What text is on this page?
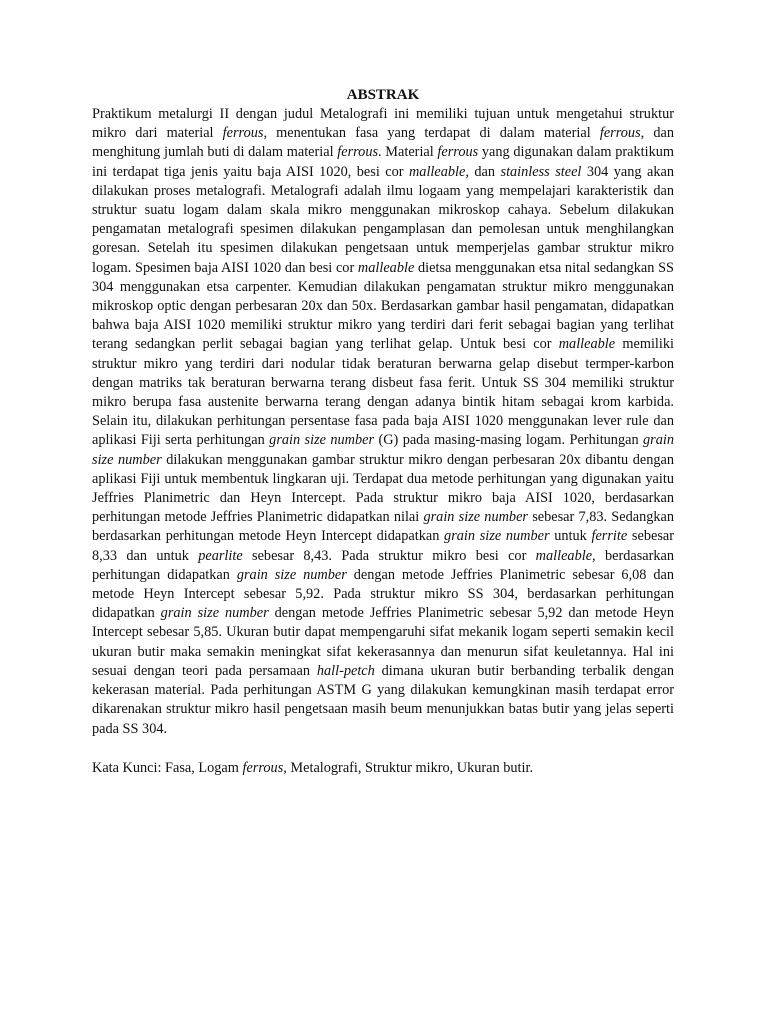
ABSTRAK

Praktikum metalurgi II dengan judul Metalografi ini memiliki tujuan untuk mengetahui struktur mikro dari material ferrous, menentukan fasa yang terdapat di dalam material ferrous, dan menghitung jumlah buti di dalam material ferrous. Material ferrous yang digunakan dalam praktikum ini terdapat tiga jenis yaitu baja AISI 1020, besi cor malleable, dan stainless steel 304 yang akan dilakukan proses metalografi. Metalografi adalah ilmu logaam yang mempelajari karakteristik dan struktur suatu logam dalam skala mikro menggunakan mikroskop cahaya. Sebelum dilakukan pengamatan metalografi spesimen dilakukan pengamplasan dan pemolesan untuk menghilangkan goresan. Setelah itu spesimen dilakukan pengetsaan untuk memperjelas gambar struktur mikro logam. Spesimen baja AISI 1020 dan besi cor malleable dietsa menggunakan etsa nital sedangkan SS 304 menggunakan etsa carpenter. Kemudian dilakukan pengamatan struktur mikro menggunakan mikroskop optic dengan perbesaran 20x dan 50x. Berdasarkan gambar hasil pengamatan, didapatkan bahwa baja AISI 1020 memiliki struktur mikro yang terdiri dari ferit sebagai bagian yang terlihat terang sedangkan perlit sebagai bagian yang terlihat gelap. Untuk besi cor malleable memiliki struktur mikro yang terdiri dari nodular tidak beraturan berwarna gelap disebut termper-karbon dengan matriks tak beraturan berwarna terang disbeut fasa ferit. Untuk SS 304 memiliki struktur mikro berupa fasa austenite berwarna terang dengan adanya bintik hitam sebagai krom karbida. Selain itu, dilakukan perhitungan persentase fasa pada baja AISI 1020 menggunakan lever rule dan aplikasi Fiji serta perhitungan grain size number (G) pada masing-masing logam. Perhitungan grain size number dilakukan menggunakan gambar struktur mikro dengan perbesaran 20x dibantu dengan aplikasi Fiji untuk membentuk lingkaran uji. Terdapat dua metode perhitungan yang digunakan yaitu Jeffries Planimetric dan Heyn Intercept. Pada struktur mikro baja AISI 1020, berdasarkan perhitungan metode Jeffries Planimetric didapatkan nilai grain size number sebesar 7,83. Sedangkan berdasarkan perhitungan metode Heyn Intercept didapatkan grain size number untuk ferrite sebesar 8,33 dan untuk pearlite sebesar 8,43. Pada struktur mikro besi cor malleable, berdasarkan perhitungan didapatkan grain size number dengan metode Jeffries Planimetric sebesar 6,08 dan metode Heyn Intercept sebesar 5,92. Pada struktur mikro SS 304, berdasarkan perhitungan didapatkan grain size number dengan metode Jeffries Planimetric sebesar 5,92 dan metode Heyn Intercept sebesar 5,85. Ukuran butir dapat mempengaruhi sifat mekanik logam seperti semakin kecil ukuran butir maka semakin meningkat sifat kekerasannya dan menurun sifat keuletannya. Hal ini sesuai dengan teori pada persamaan hall-petch dimana ukuran butir berbanding terbalik dengan kekerasan material. Pada perhitungan ASTM G yang dilakukan kemungkinan masih terdapat error dikarenakan struktur mikro hasil pengetsaan masih beum menunjukkan batas butir yang jelas seperti pada SS 304.

Kata Kunci: Fasa, Logam ferrous, Metalografi, Struktur mikro, Ukuran butir.
